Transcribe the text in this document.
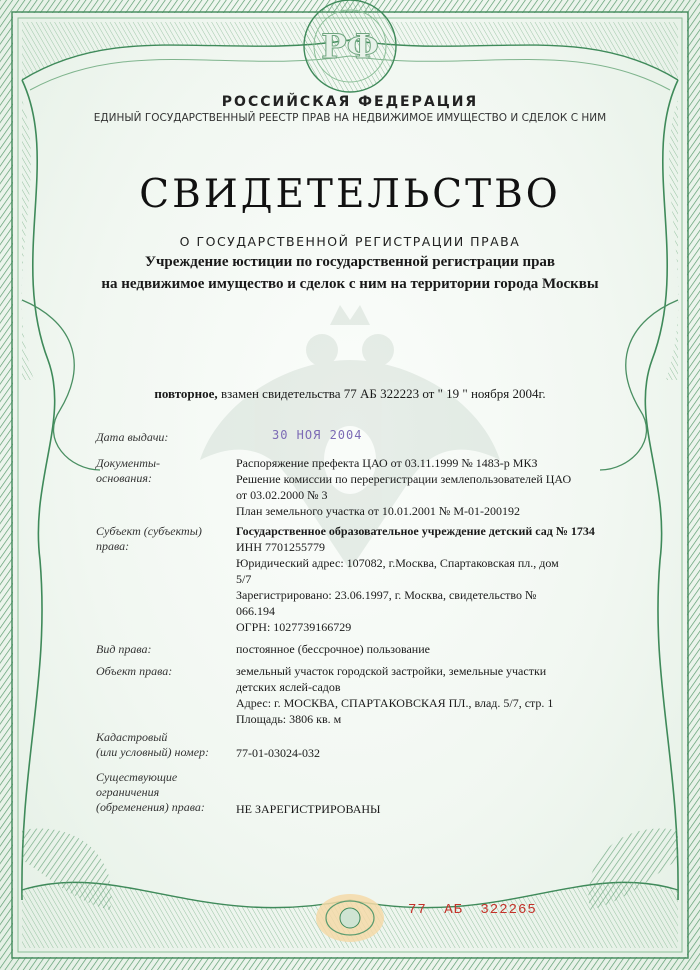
РФ
РОССИЙСКАЯ ФЕДЕРАЦИЯ
ЕДИНЫЙ ГОСУДАРСТВЕННЫЙ РЕЕСТР ПРАВ НА НЕДВИЖИМОЕ ИМУЩЕСТВО И СДЕЛОК С НИМ
СВИДЕТЕЛЬСТВО
О ГОСУДАРСТВЕННОЙ РЕГИСТРАЦИИ ПРАВА
Учреждение юстиции по государственной регистрации прав
на недвижимое имущество и сделок с ним на территории города Москвы
повторное, взамен свидетельства 77 АБ 322223 от " 19 " ноября 2004г.
Дата выдачи:	30 НОЯ 2004
Документы-
основания:
Распоряжение префекта ЦАО от 03.11.1999 № 1483-р МКЗ
Решение комиссии по перерегистрации землепользователей ЦАО
от 03.02.2000 № 3
План земельного участка от 10.01.2001 № М-01-200192
Субъект (субъекты)
права:
Государственное образовательное учреждение детский сад № 1734
ИНН 7701255779
Юридический адрес: 107082, г.Москва, Спартаковская пл., дом
5/7
Зарегистрировано: 23.06.1997, г. Москва, свидетельство №
066.194
ОГРН: 1027739166729
Вид права:	постоянное (бессрочное) пользование
Объект права:	земельный участок городской застройки, земельные участки
детских яслей-садов
Адрес: г. МОСКВА, СПАРТАКОВСКАЯ ПЛ., влад. 5/7, стр. 1
Площадь: 3806 кв. м
Кадастровый
(или условный) номер: 77-01-03024-032
Существующие
ограничения
(обременения) права:	НЕ ЗАРЕГИСТРИРОВАНЫ
77 АБ 322265
